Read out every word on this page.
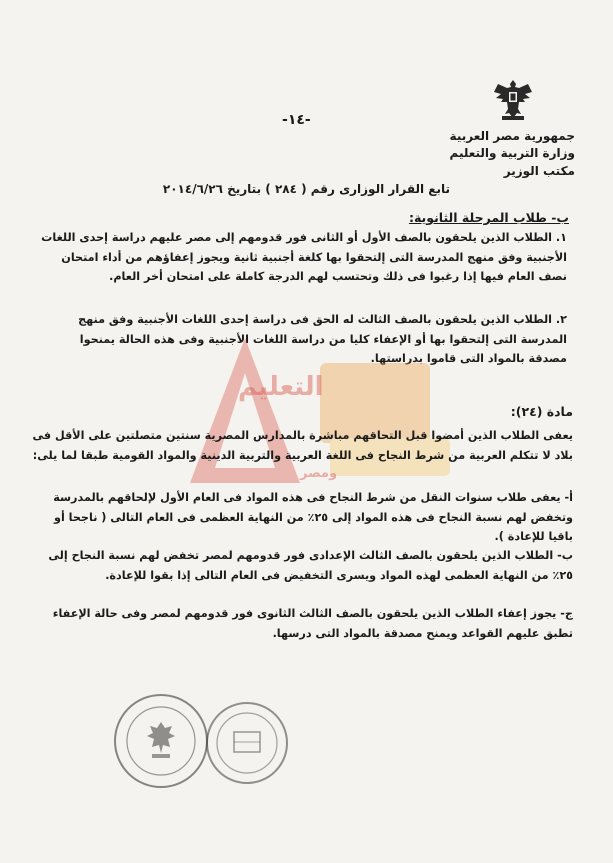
جمهورية مصر العربية
وزارة التربية والتعليم
مكتب الوزير
-١٤-
تابع القرار الوزارى رقم ( ٢٨٤ ) بتاريخ ٢٠١٤/٦/٢٦
ب- طلاب المرحلة الثانوية:
١. الطلاب الذين يلحقون بالصف الأول أو الثانى فور قدومهم إلى مصر عليهم دراسة إحدى اللغات الأجنبية وفق منهج المدرسة التى إلتحقوا بها كلغة أجنبية ثانية ويجوز إعفاؤهم من أداء امتحان نصف العام فيها إذا رغبوا فى ذلك وتحتسب لهم الدرجة كاملة على امتحان أخر العام.
٢. الطلاب الذين يلحقون بالصف الثالث له الحق فى دراسة إحدى اللغات الأجنبية وفق منهج المدرسة التى إلتحقوا بها أو الإعفاء كليا من دراسة اللغات الأجنبية وفى هذه الحالة يمنحوا مصدقة بالمواد التى قاموا بدراستها.
التعليم
ومصر
مادة (٢٤):
يعفى الطلاب الذين أمضوا قبل التحاقهم مباشرة بالمدارس المصرية سنتين متصلتين على الأقل فى بلاد لا تتكلم العربية من شرط النجاح فى اللغة العربية والتربية الدينية والمواد القومية طبقا لما يلى:
أ- يعفى طلاب سنوات النقل من شرط النجاح فى هذه المواد فى العام الأول لإلحاقهم بالمدرسة وتخفض لهم نسبة النجاح فى هذه المواد إلى ٢٥٪ من النهاية العظمى فى العام التالى ( ناجحا أو باقيا للإعادة ).
ب- الطلاب الذين يلحقون بالصف الثالث الإعدادى فور قدومهم لمصر تخفض لهم نسبة النجاح إلى ٢٥٪ من النهاية العظمى لهذه المواد ويسرى التخفيض فى العام التالى إذا بقوا للإعادة.
ج- يجوز إعفاء الطلاب الذين يلحقون بالصف الثالث الثانوى فور قدومهم لمصر وفى حالة الإعفاء تطبق عليهم القواعد ويمنح مصدقة بالمواد التى درسها.
